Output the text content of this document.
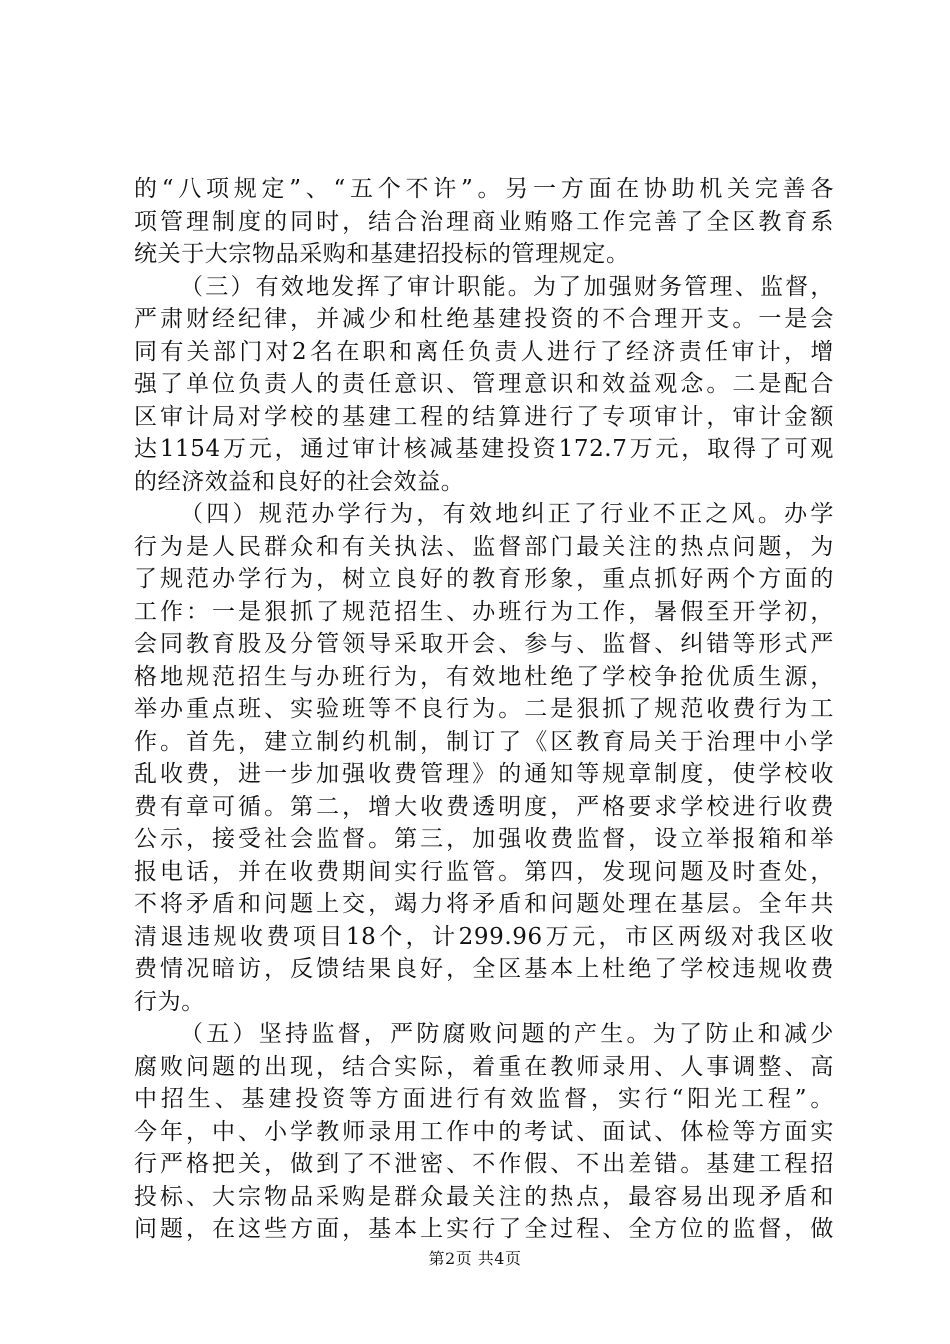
的“八项规定”、“五个不许”。另一方面在协助机关完善各
项管理制度的同时，结合治理商业贿赂工作完善了全区教育系
统关于大宗物品采购和基建招投标的管理规定。
（三）有效地发挥了审计职能。为了加强财务管理、监督，
严肃财经纪律，并减少和杜绝基建投资的不合理开支。一是会
同有关部门对2名在职和离任负责人进行了经济责任审计，增
强了单位负责人的责任意识、管理意识和效益观念。二是配合
区审计局对学校的基建工程的结算进行了专项审计，审计金额
达1154万元，通过审计核减基建投资172.7万元，取得了可观
的经济效益和良好的社会效益。
（四）规范办学行为，有效地纠正了行业不正之风。办学
行为是人民群众和有关执法、监督部门最关注的热点问题，为
了规范办学行为，树立良好的教育形象，重点抓好两个方面的
工作：一是狠抓了规范招生、办班行为工作，暑假至开学初，
会同教育股及分管领导采取开会、参与、监督、纠错等形式严
格地规范招生与办班行为，有效地杜绝了学校争抢优质生源，
举办重点班、实验班等不良行为。二是狠抓了规范收费行为工
作。首先，建立制约机制，制订了《区教育局关于治理中小学
乱收费，进一步加强收费管理》的通知等规章制度，使学校收
费有章可循。第二，增大收费透明度，严格要求学校进行收费
公示，接受社会监督。第三，加强收费监督，设立举报箱和举
报电话，并在收费期间实行监管。第四，发现问题及时查处，
不将矛盾和问题上交，竭力将矛盾和问题处理在基层。全年共
清退违规收费项目18个，计299.96万元，市区两级对我区收
费情况暗访，反馈结果良好，全区基本上杜绝了学校违规收费
行为。
（五）坚持监督，严防腐败问题的产生。为了防止和减少
腐败问题的出现，结合实际，着重在教师录用、人事调整、高
中招生、基建投资等方面进行有效监督，实行“阳光工程”。
今年，中、小学教师录用工作中的考试、面试、体检等方面实
行严格把关，做到了不泄密、不作假、不出差错。基建工程招
投标、大宗物品采购是群众最关注的热点，最容易出现矛盾和
问题，在这些方面，基本上实行了全过程、全方位的监督，做
第2页 共4页
